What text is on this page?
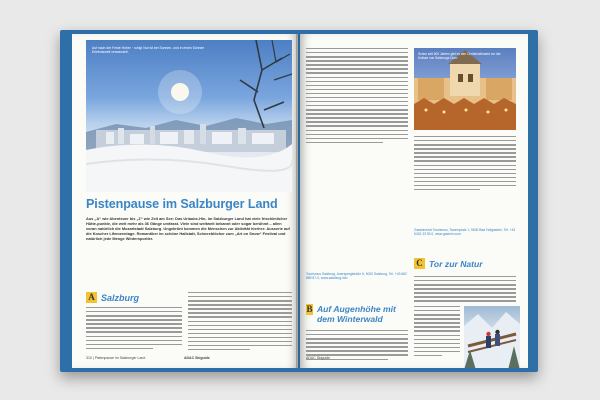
Auf nach der Feste Hoher · ruhig! Nur ist bei Sonnen- und in einen Schnee Erlebniswelt verwandelt.
Pistenpause im Salzburger Land
Aus „A“ wie Abenteuer bis „Z“ wie Zeit am See: Das Urlaube-Hin- im Salzburger Land hat viele frischimlicher Hütte-punkte, die weit mehr als 36 Gänge umfasst. Viele sind weltweit bekannt oder sogar berühmt – allen voran natürlich die Mozartstadt Salzburg. Ungekrönt kommen die Menschen zur Aktivität hierher: Ausserie auf die Koscher Lifemeentage. Romantiker im schöne Hallstatt, Schneeblöcher zum „Art on Snow“ Festival und natürlich jede Menge Wintersportler.
A Salzburg
310 | Pistenpause im Salzburger Land	ADAC Skiguide
Schon seit 500 Jahren gibt es den Christkindlmarkt vor der Kulisse von Salzburgs Dom.
Tourismus Salzburg, Auerspergstraße 6, 5020 Salzburg, Tel. +43 662 889 87-0, www.salzburg.info
B Auf Augenhöhe mit dem Winterwald
Gasteinertal Tourismus, Tauernplatz 1, 5630 Bad Hofgastein, Tel. +43 6432 33 93 0, www.gastein.com
C Tor zur Natur
ADAC Skiguide
